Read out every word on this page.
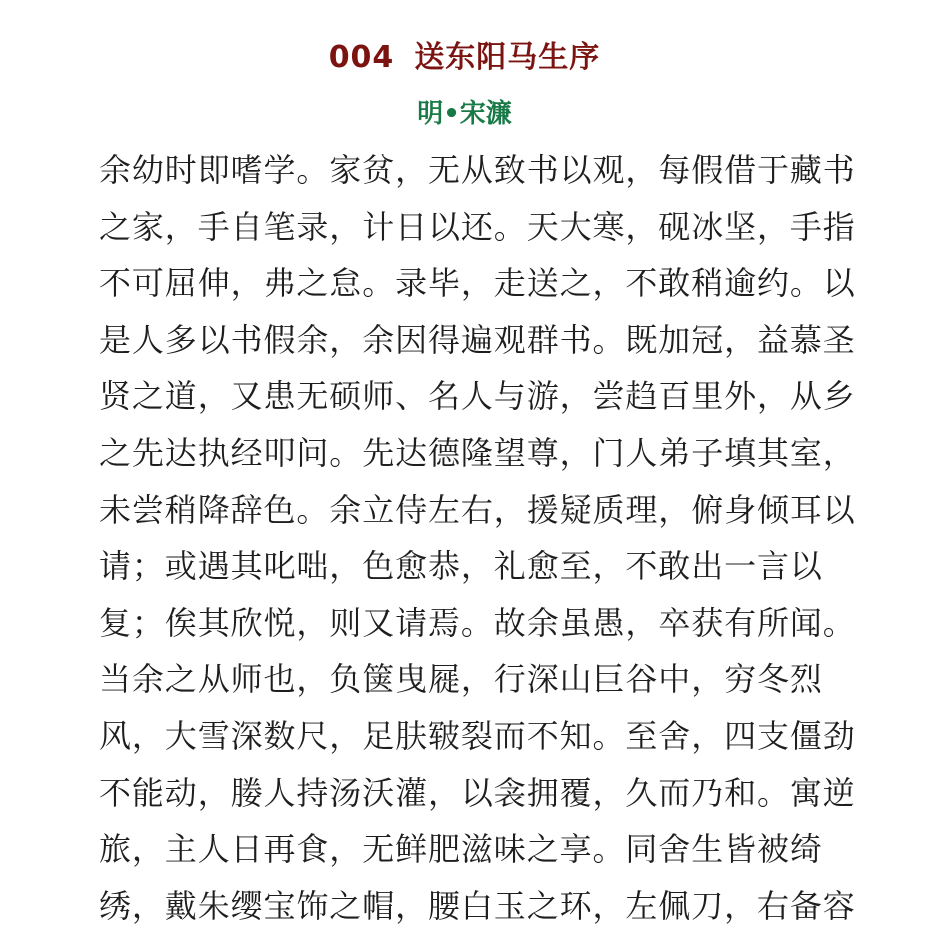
004 送东阳马生序
明•宋濂
余幼时即嗜学。家贫，无从致书以观，每假借于藏书
之家，手自笔录，计日以还。天大寒，砚冰坚，手指
不可屈伸，弗之怠。录毕，走送之，不敢稍逾约。以
是人多以书假余，余因得遍观群书。既加冠，益慕圣
贤之道，又患无硕师、名人与游，尝趋百里外，从乡
之先达执经叩问。先达德隆望尊，门人弟子填其室，
未尝稍降辞色。余立侍左右，援疑质理，俯身倾耳以
请；或遇其叱咄，色愈恭，礼愈至，不敢出一言以
复；俟其欣悦，则又请焉。故余虽愚，卒获有所闻。
当余之从师也，负箧曳屣，行深山巨谷中，穷冬烈
风，大雪深数尺，足肤皲裂而不知。至舍，四支僵劲
不能动，媵人持汤沃灌，以衾拥覆，久而乃和。寓逆
旅，主人日再食，无鲜肥滋味之享。同舍生皆被绮
绣，戴朱缨宝饰之帽，腰白玉之环，左佩刀，右备容
